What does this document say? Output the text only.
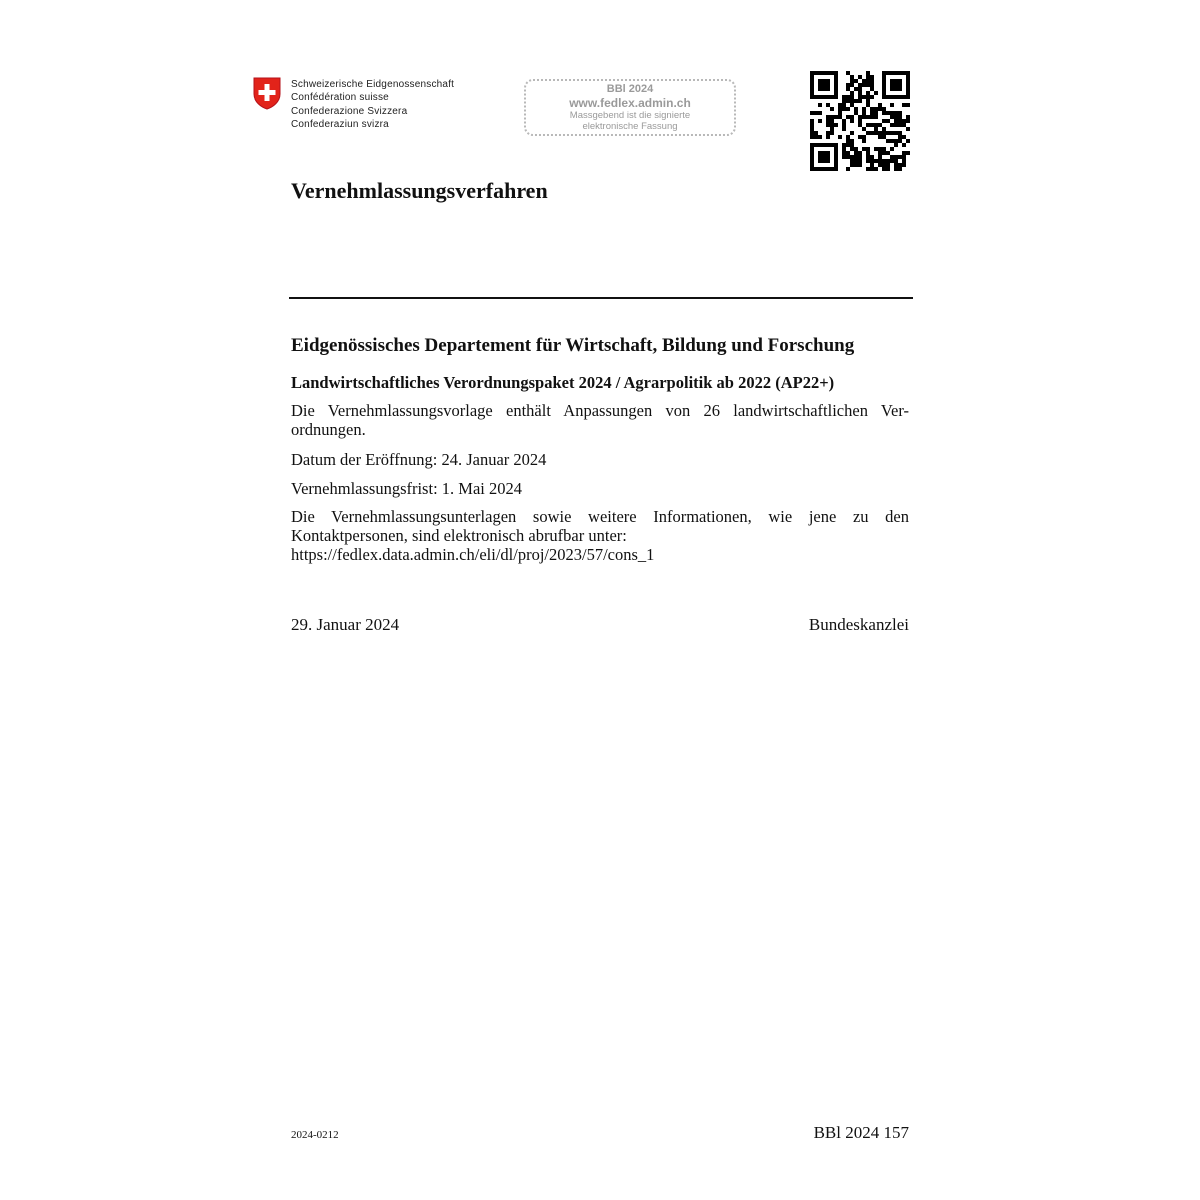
Schweizerische Eidgenossenschaft
Confédération suisse
Confederazione Svizzera
Confederaziun svizra
BBl 2024
www.fedlex.admin.ch
Massgebend ist die signierte
elektronische Fassung
Vernehmlassungsverfahren
Eidgenössisches Departement für Wirtschaft, Bildung und Forschung
Landwirtschaftliches Verordnungspaket 2024 / Agrarpolitik ab 2022 (AP22+)
Die Vernehmlassungsvorlage enthält Anpassungen von 26 landwirtschaftlichen Ver-
ordnungen.
Datum der Eröffnung: 24. Januar 2024
Vernehmlassungsfrist: 1. Mai 2024
Die Vernehmlassungsunterlagen sowie weitere Informationen, wie jene zu den
Kontaktpersonen, sind elektronisch abrufbar unter:
https://fedlex.data.admin.ch/eli/dl/proj/2023/57/cons_1
29. Januar 2024	Bundeskanzlei
2024-0212	BBl 2024 157
